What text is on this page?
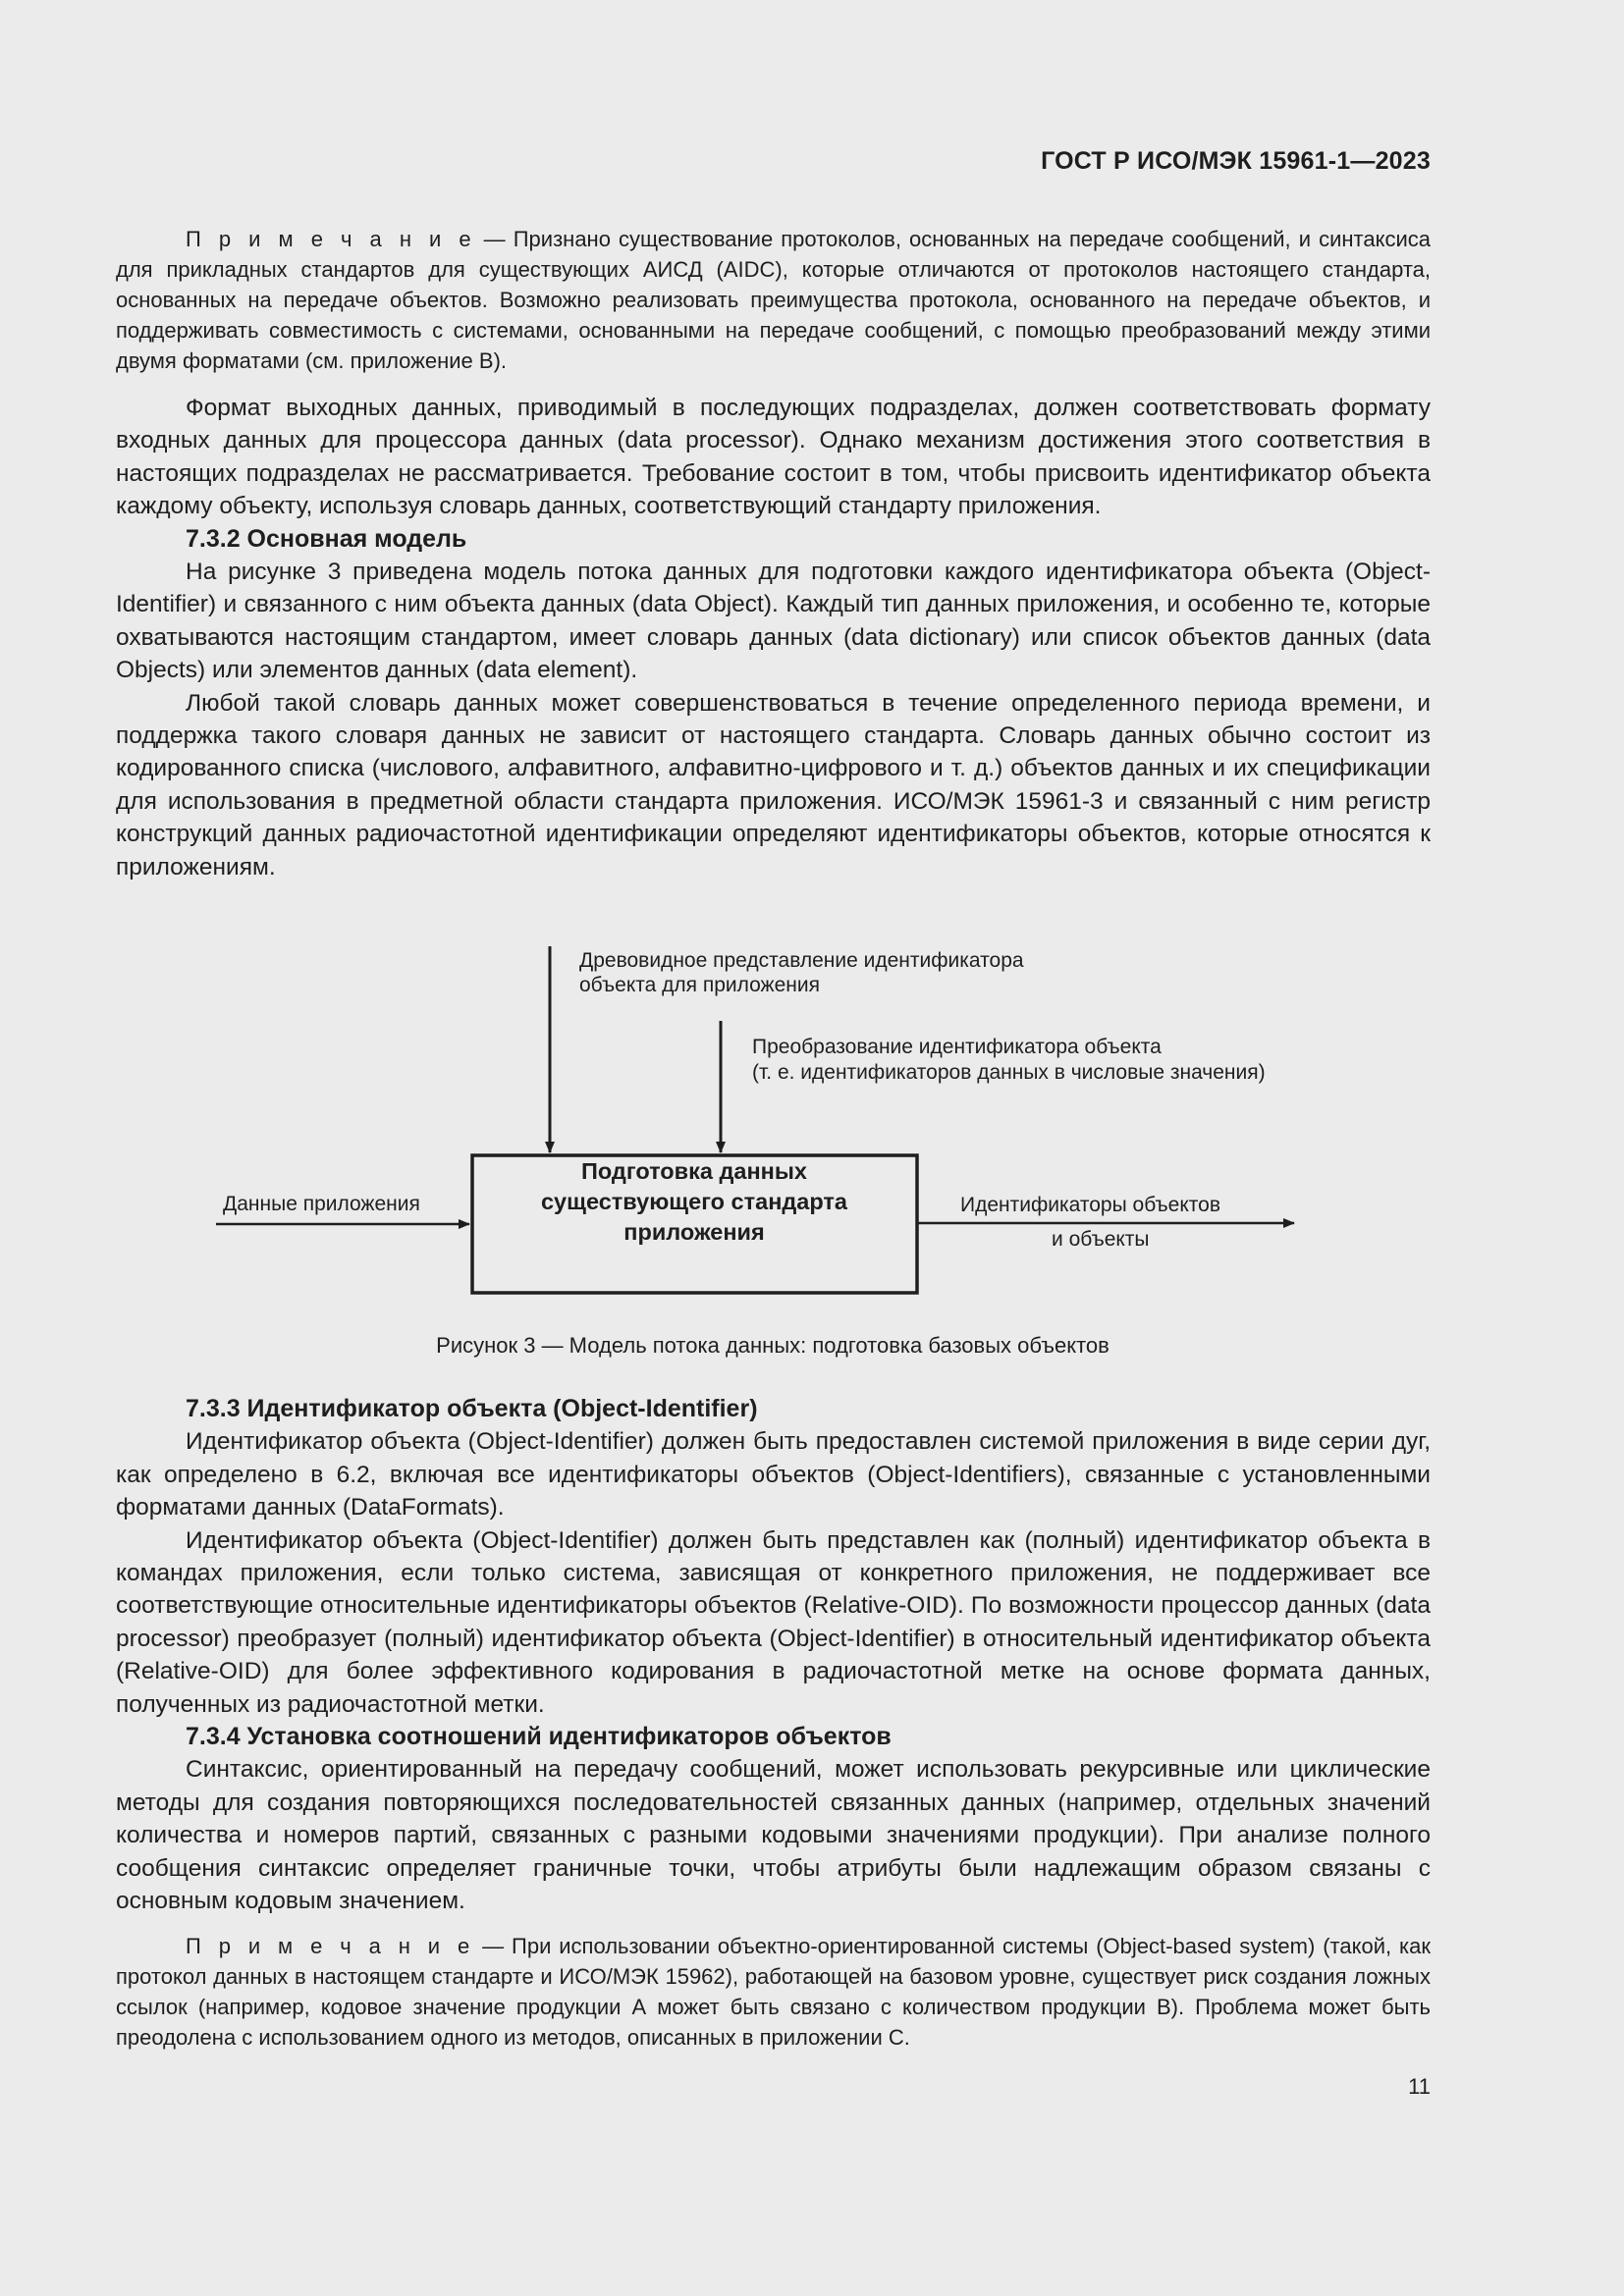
ГОСТ Р ИСО/МЭК 15961-1—2023

П р и м е ч а н и е — Признано существование протоколов, основанных на передаче сообщений, и синтаксиса для прикладных стандартов для существующих АИСД (AIDC), которые отличаются от протоколов настоящего стандарта, основанных на передаче объектов. Возможно реализовать преимущества протокола, основанного на передаче объектов, и поддерживать совместимость с системами, основанными на передаче сообщений, с помощью преобразований между этими двумя форматами (см. приложение В).

Формат выходных данных, приводимый в последующих подразделах, должен соответствовать формату входных данных для процессора данных (data processor). Однако механизм достижения этого соответствия в настоящих подразделах не рассматривается. Требование состоит в том, чтобы присвоить идентификатор объекта каждому объекту, используя словарь данных, соответствующий стандарту приложения.

7.3.2 Основная модель

На рисунке 3 приведена модель потока данных для подготовки каждого идентификатора объекта (Object-Identifier) и связанного с ним объекта данных (data Object). Каждый тип данных приложения, и особенно те, которые охватываются настоящим стандартом, имеет словарь данных (data dictionary) или список объектов данных (data Objects) или элементов данных (data element).

Любой такой словарь данных может совершенствоваться в течение определенного периода времени, и поддержка такого словаря данных не зависит от настоящего стандарта. Словарь данных обычно состоит из кодированного списка (числового, алфавитного, алфавитно-цифрового и т. д.) объектов данных и их спецификации для использования в предметной области стандарта приложения. ИСО/МЭК 15961-3 и связанный с ним регистр конструкций данных радиочастотной идентификации определяют идентификаторы объектов, которые относятся к приложениям.

Древовидное представление идентификатора
объекта для приложения
Преобразование идентификатора объекта
(т. е. идентификаторов данных в числовые значения)
Данные приложения
Подготовка данных
существующего стандарта
приложения
Идентификаторы объектов
и объекты
Рисунок 3 — Модель потока данных: подготовка базовых объектов

7.3.3 Идентификатор объекта (Object-Identifier)

Идентификатор объекта (Object-Identifier) должен быть предоставлен системой приложения в виде серии дуг, как определено в 6.2, включая все идентификаторы объектов (Object-Identifiers), связанные с установленными форматами данных (DataFormats).

Идентификатор объекта (Object-Identifier) должен быть представлен как (полный) идентификатор объекта в командах приложения, если только система, зависящая от конкретного приложения, не поддерживает все соответствующие относительные идентификаторы объектов (Relative-OID). По возможности процессор данных (data processor) преобразует (полный) идентификатор объекта (Object-Identifier) в относительный идентификатор объекта (Relative-OID) для более эффективного кодирования в радиочастотной метке на основе формата данных, полученных из радиочастотной метки.

7.3.4 Установка соотношений идентификаторов объектов

Синтаксис, ориентированный на передачу сообщений, может использовать рекурсивные или циклические методы для создания повторяющихся последовательностей связанных данных (например, отдельных значений количества и номеров партий, связанных с разными кодовыми значениями продукции). При анализе полного сообщения синтаксис определяет граничные точки, чтобы атрибуты были надлежащим образом связаны с основным кодовым значением.

П р и м е ч а н и е — При использовании объектно-ориентированной системы (Object-based system) (такой, как протокол данных в настоящем стандарте и ИСО/МЭК 15962), работающей на базовом уровне, существует риск создания ложных ссылок (например, кодовое значение продукции А может быть связано с количеством продукции В). Проблема может быть преодолена с использованием одного из методов, описанных в приложении С.

11
